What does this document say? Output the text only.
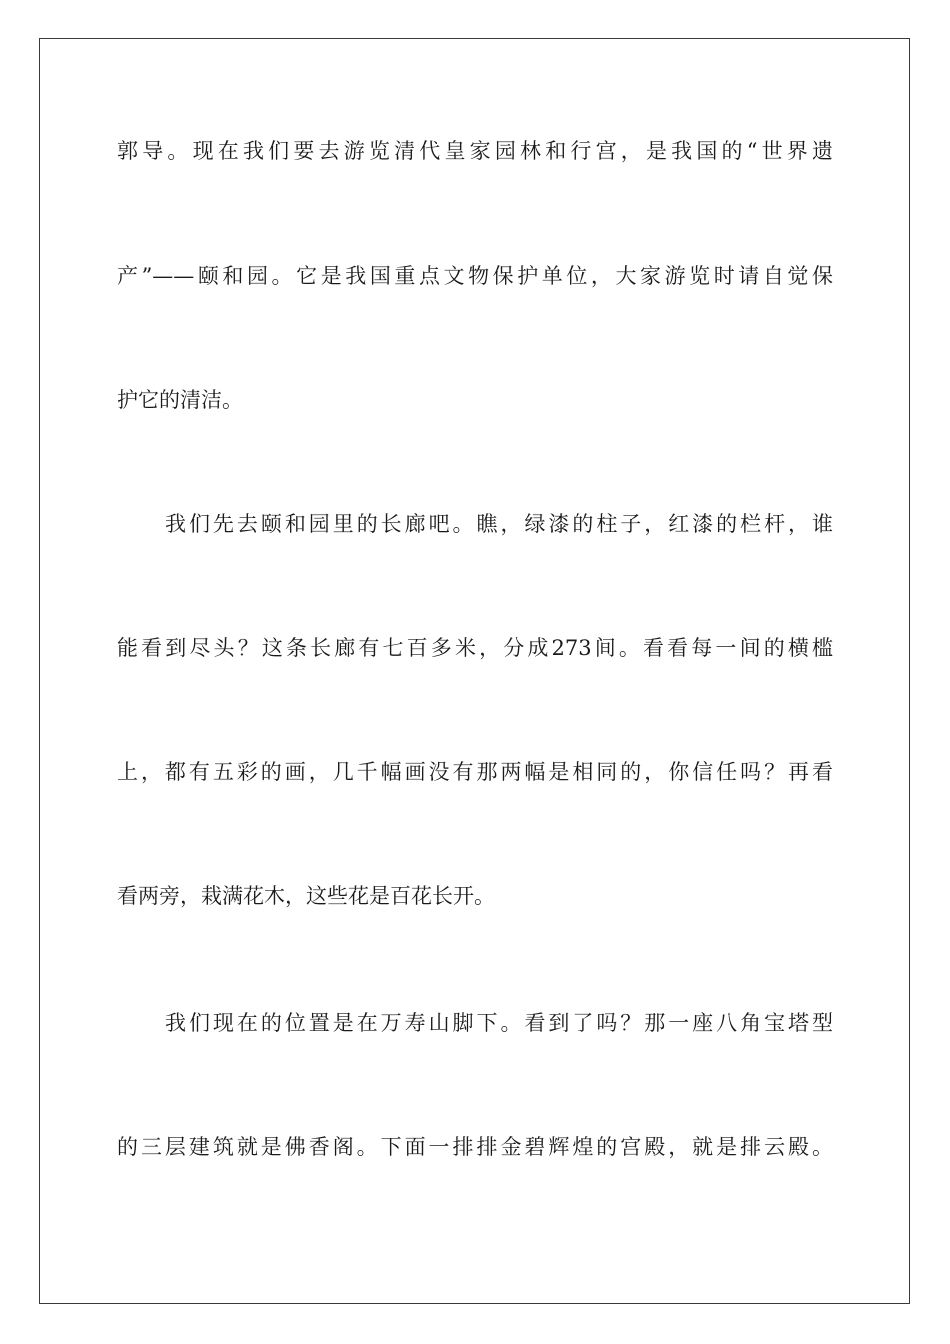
郭导。现在我们要去游览清代皇家园林和行宫，是我国的“世界遗

产”——颐和园。它是我国重点文物保护单位，大家游览时请自觉保

护它的清洁。

我们先去颐和园里的长廊吧。瞧，绿漆的柱子，红漆的栏杆，谁

能看到尽头？这条长廊有七百多米，分成273间。看看每一间的横槛

上，都有五彩的画，几千幅画没有那两幅是相同的，你信任吗？再看

看两旁，栽满花木，这些花是百花长开。

我们现在的位置是在万寿山脚下。看到了吗？那一座八角宝塔型

的三层建筑就是佛香阁。下面一排排金碧辉煌的宫殿，就是排云殿。
